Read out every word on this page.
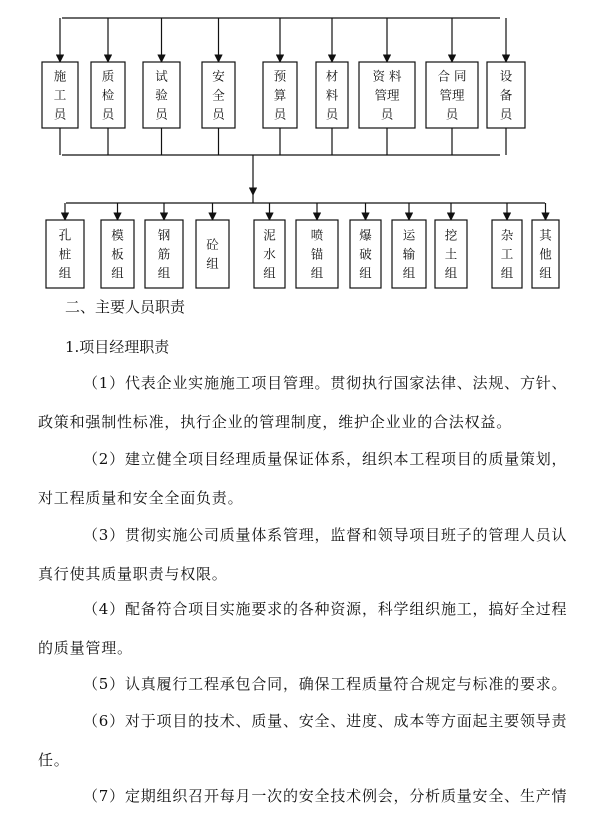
施
工
员
质
检
员
试
验
员
安
全
员
预
算
员
材
料
员
资 料
管理
员
合 同
管理
员
设
备
员
孔
桩
组
模
板
组
钢
筋
组
砼
组
泥
水
组
喷
锚
组
爆
破
组
运
输
组
挖
土
组
杂
工
组
其
他
组
二、主要人员职责
1.项目经理职责
（1）代表企业实施施工项目管理。贯彻执行国家法律、法规、方针、
政策和强制性标准，执行企业的管理制度，维护企业业的合法权益。
（2）建立健全项目经理质量保证体系，组织本工程项目的质量策划，
对工程质量和安全全面负责。
（3）贯彻实施公司质量体系管理，监督和领导项目班子的管理人员认
真行使其质量职责与权限。
（4）配备符合项目实施要求的各种资源，科学组织施工，搞好全过程
的质量管理。
（5）认真履行工程承包合同，确保工程质量符合规定与标准的要求。
（6）对于项目的技术、质量、安全、进度、成本等方面起主要领导责
任。
（7）定期组织召开每月一次的安全技术例会，分析质量安全、生产情
